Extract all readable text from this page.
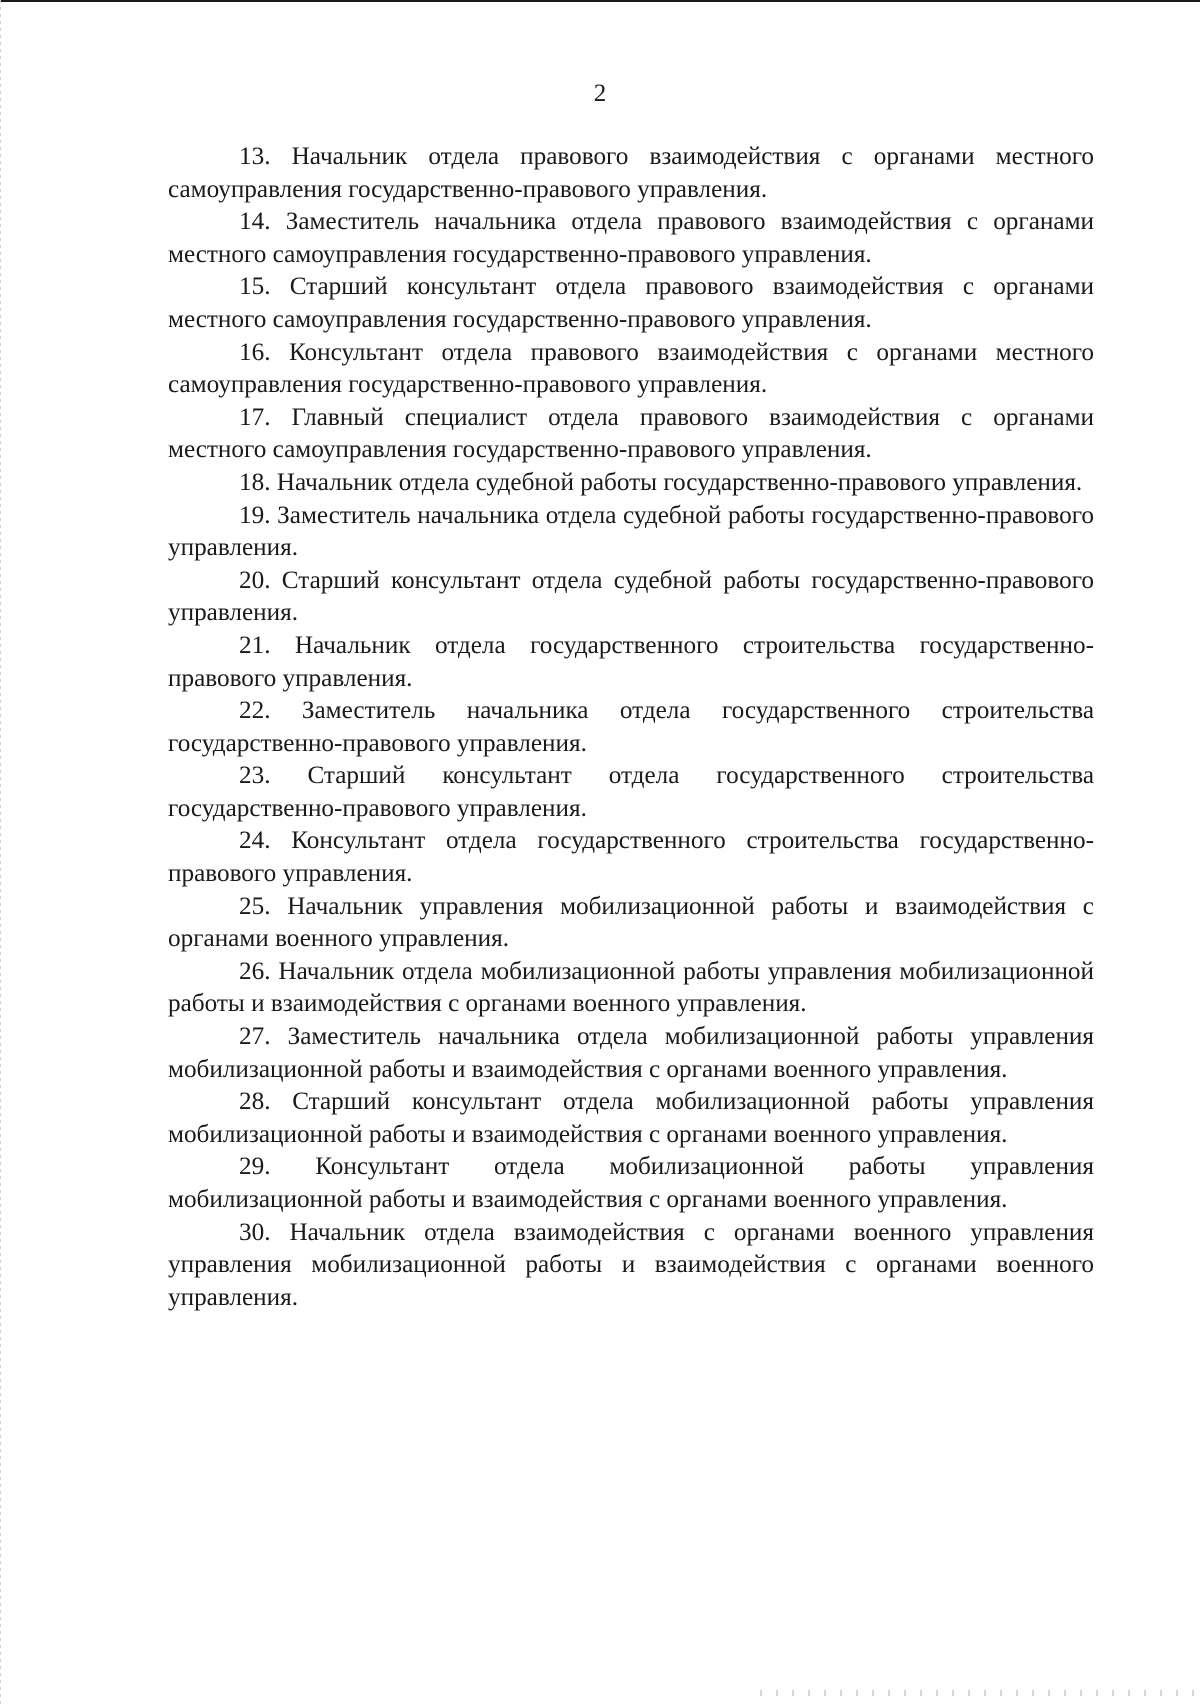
2

13. Начальник отдела правового взаимодействия с органами местного самоуправления государственно-правового управления.

14. Заместитель начальника отдела правового взаимодействия с органами местного самоуправления государственно-правового управления.

15. Старший консультант отдела правового взаимодействия с органами местного самоуправления государственно-правового управления.

16. Консультант отдела правового взаимодействия с органами местного самоуправления государственно-правового управления.

17. Главный специалист отдела правового взаимодействия с органами местного самоуправления государственно-правового управления.

18. Начальник отдела судебной работы государственно-правового управления.

19. Заместитель начальника отдела судебной работы государственно-правового управления.

20. Старший консультант отдела судебной работы государственно-правового управления.

21. Начальник отдела государственного строительства государственно-правового управления.

22. Заместитель начальника отдела государственного строительства государственно-правового управления.

23. Старший консультант отдела государственного строительства государственно-правового управления.

24. Консультант отдела государственного строительства государственно-правового управления.

25. Начальник управления мобилизационной работы и взаимодействия с органами военного управления.

26. Начальник отдела мобилизационной работы управления мобилизационной работы и взаимодействия с органами военного управления.

27. Заместитель начальника отдела мобилизационной работы управления мобилизационной работы и взаимодействия с органами военного управления.

28. Старший консультант отдела мобилизационной работы управления мобилизационной работы и взаимодействия с органами военного управления.

29. Консультант отдела мобилизационной работы управления мобилизационной работы и взаимодействия с органами военного управления.

30. Начальник отдела взаимодействия с органами военного управления управления мобилизационной работы и взаимодействия с органами военного управления.
